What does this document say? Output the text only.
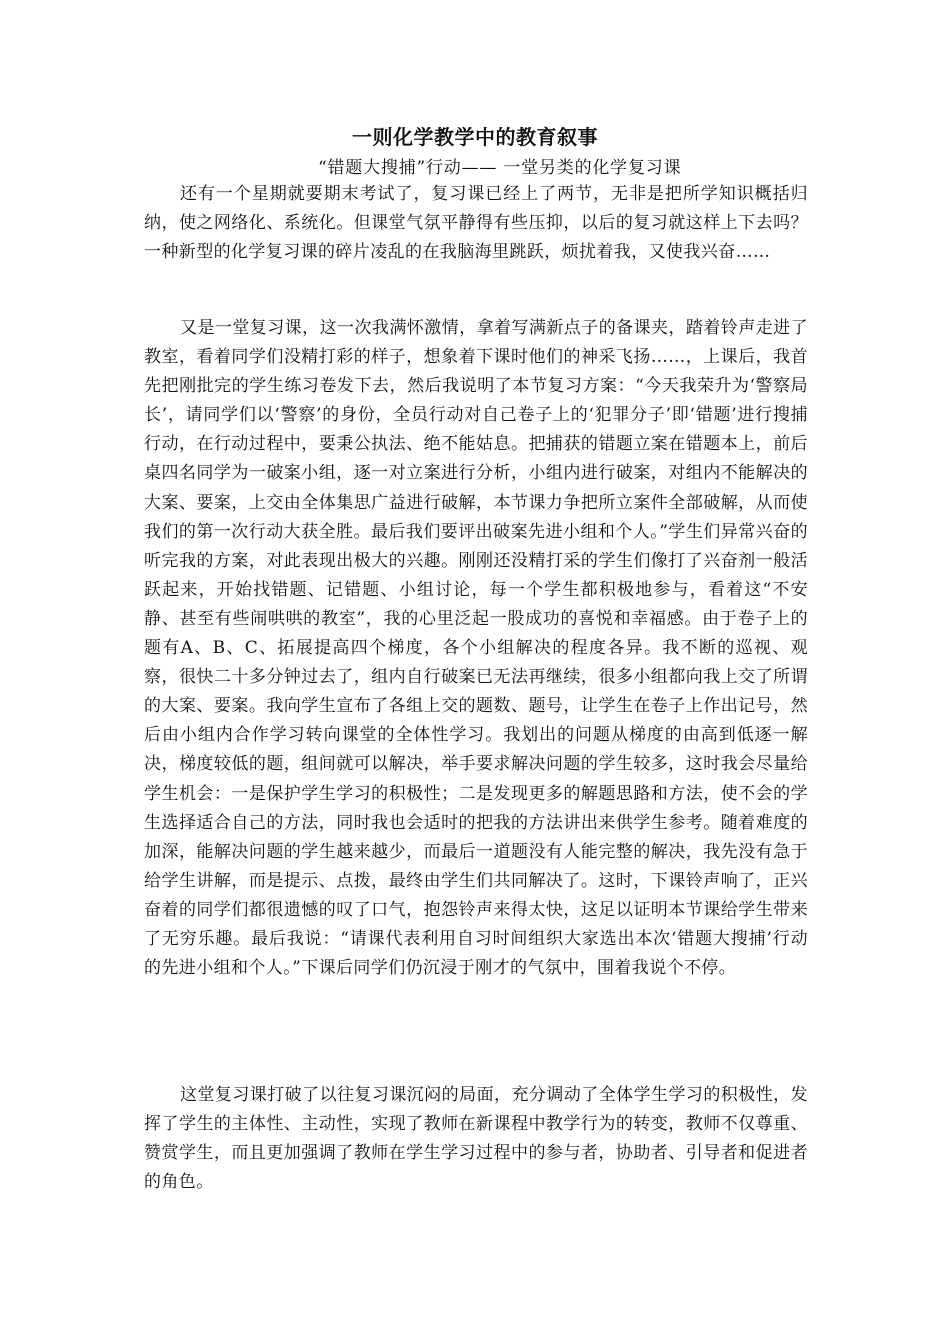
一则化学教学中的教育叙事
“错题大搜捕”行动—— 一堂另类的化学复习课

还有一个星期就要期末考试了，复习课已经上了两节，无非是把所学知识概括归纳，使之网络化、系统化。但课堂气氛平静得有些压抑，以后的复习就这样上下去吗？一种新型的化学复习课的碎片凌乱的在我脑海里跳跃，烦扰着我，又使我兴奋……

又是一堂复习课，这一次我满怀激情，拿着写满新点子的备课夹，踏着铃声走进了教室，看着同学们没精打彩的样子，想象着下课时他们的神采飞扬……，上课后，我首先把刚批完的学生练习卷发下去，然后我说明了本节复习方案：“今天我荣升为‘警察局长’，请同学们以‘警察’的身份，全员行动对自己卷子上的‘犯罪分子’即‘错题’进行搜捕行动，在行动过程中，要秉公执法、绝不能姑息。把捕获的错题立案在错题本上，前后桌四名同学为一破案小组，逐一对立案进行分析，小组内进行破案，对组内不能解决的大案、要案，上交由全体集思广益进行破解，本节课力争把所立案件全部破解，从而使我们的第一次行动大获全胜。最后我们要评出破案先进小组和个人。”学生们异常兴奋的听完我的方案，对此表现出极大的兴趣。刚刚还没精打采的学生们像打了兴奋剂一般活跃起来，开始找错题、记错题、小组讨论，每一个学生都积极地参与，看着这“不安静、甚至有些闹哄哄的教室”，我的心里泛起一股成功的喜悦和幸福感。由于卷子上的题有A、B、C、拓展提高四个梯度，各个小组解决的程度各异。我不断的巡视、观察，很快二十多分钟过去了，组内自行破案已无法再继续，很多小组都向我上交了所谓的大案、要案。我向学生宣布了各组上交的题数、题号，让学生在卷子上作出记号，然后由小组内合作学习转向课堂的全体性学习。我划出的问题从梯度的由高到低逐一解决，梯度较低的题，组间就可以解决，举手要求解决问题的学生较多，这时我会尽量给学生机会：一是保护学生学习的积极性；二是发现更多的解题思路和方法，使不会的学生选择适合自己的方法，同时我也会适时的把我的方法讲出来供学生参考。随着难度的加深，能解决问题的学生越来越少，而最后一道题没有人能完整的解决，我先没有急于给学生讲解，而是提示、点拨，最终由学生们共同解决了。这时，下课铃声响了，正兴奋着的同学们都很遗憾的叹了口气，抱怨铃声来得太快，这足以证明本节课给学生带来了无穷乐趣。最后我说：“请课代表利用自习时间组织大家选出本次‘错题大搜捕’行动的先进小组和个人。”下课后同学们仍沉浸于刚才的气氛中，围着我说个不停。

这堂复习课打破了以往复习课沉闷的局面，充分调动了全体学生学习的积极性，发挥了学生的主体性、主动性，实现了教师在新课程中教学行为的转变，教师不仅尊重、赞赏学生，而且更加强调了教师在学生学习过程中的参与者，协助者、引导者和促进者的角色。
